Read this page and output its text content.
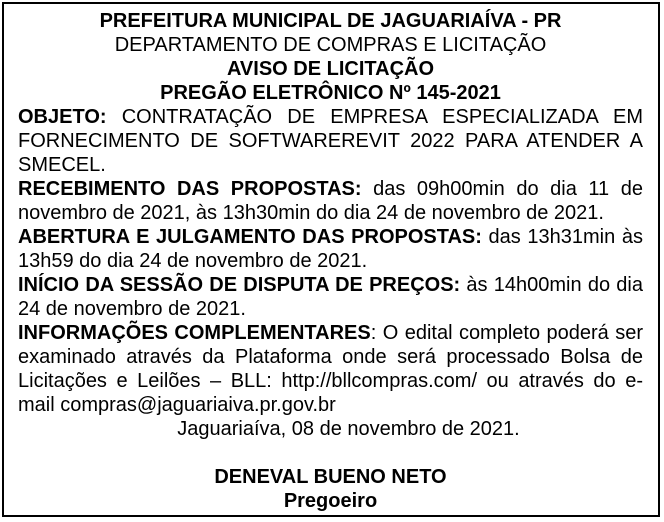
PREFEITURA MUNICIPAL DE JAGUARIAÍVA - PR
DEPARTAMENTO DE COMPRAS E LICITAÇÃO
AVISO DE LICITAÇÃO
PREGÃO ELETRÔNICO Nº 145-2021

OBJETO: CONTRATAÇÃO DE EMPRESA ESPECIALIZADA EM FORNECIMENTO DE SOFTWAREREVIT 2022 PARA ATENDER A SMECEL.

RECEBIMENTO DAS PROPOSTAS: das 09h00min do dia 11 de novembro de 2021, às 13h30min do dia 24 de novembro de 2021.

ABERTURA E JULGAMENTO DAS PROPOSTAS: das 13h31min às 13h59 do dia 24 de novembro de 2021.

INÍCIO DA SESSÃO DE DISPUTA DE PREÇOS: às 14h00min do dia 24 de novembro de 2021.

INFORMAÇÕES COMPLEMENTARES: O edital completo poderá ser examinado através da Plataforma onde será processado Bolsa de Licitações e Leilões – BLL: http://bllcompras.com/ ou através do e-mail compras@jaguariaiva.pr.gov.br

Jaguariaíva, 08 de novembro de 2021.
DENEVAL BUENO NETO
Pregoeiro
